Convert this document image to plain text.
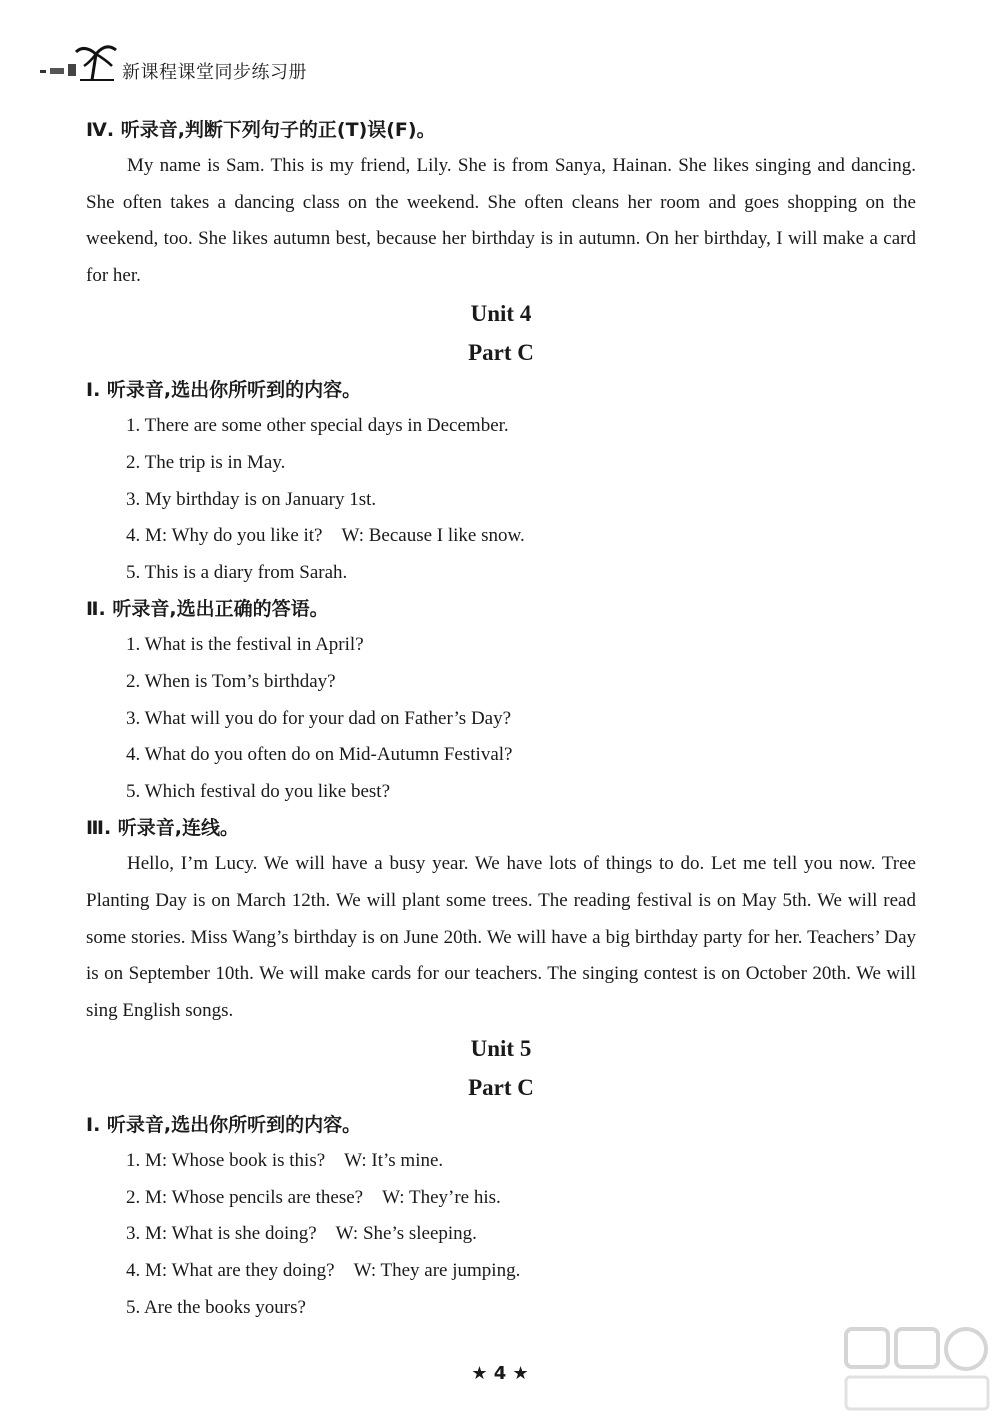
新课程课堂同步练习册

Ⅳ. 听录音,判断下列句子的正(T)误(F)。

My name is Sam. This is my friend, Lily. She is from Sanya, Hainan. She likes singing and dancing. She often takes a dancing class on the weekend. She often cleans her room and goes shopping on the weekend, too. She likes autumn best, because her birthday is in autumn. On her birthday, I will make a card for her.

Unit 4

Part C

Ⅰ. 听录音,选出你所听到的内容。

1. There are some other special days in December.

2. The trip is in May.

3. My birthday is on January 1st.

4. M: Why do you like it?　W: Because I like snow.

5. This is a diary from Sarah.

Ⅱ. 听录音,选出正确的答语。

1. What is the festival in April?

2. When is Tom’s birthday?

3. What will you do for your dad on Father’s Day?

4. What do you often do on Mid-Autumn Festival?

5. Which festival do you like best?

Ⅲ. 听录音,连线。

Hello, I’m Lucy. We will have a busy year. We have lots of things to do. Let me tell you now. Tree Planting Day is on March 12th. We will plant some trees. The reading festival is on May 5th. We will read some stories. Miss Wang’s birthday is on June 20th. We will have a big birthday party for her. Teachers’ Day is on September 10th. We will make cards for our teachers. The singing contest is on October 20th. We will sing English songs.

Unit 5

Part C

Ⅰ. 听录音,选出你所听到的内容。

1. M: Whose book is this?　W: It’s mine.

2. M: Whose pencils are these?　W: They’re his.

3. M: What is she doing?　W: She’s sleeping.

4. M: What are they doing?　W: They are jumping.

5. Are the books yours?

★ 4 ★
